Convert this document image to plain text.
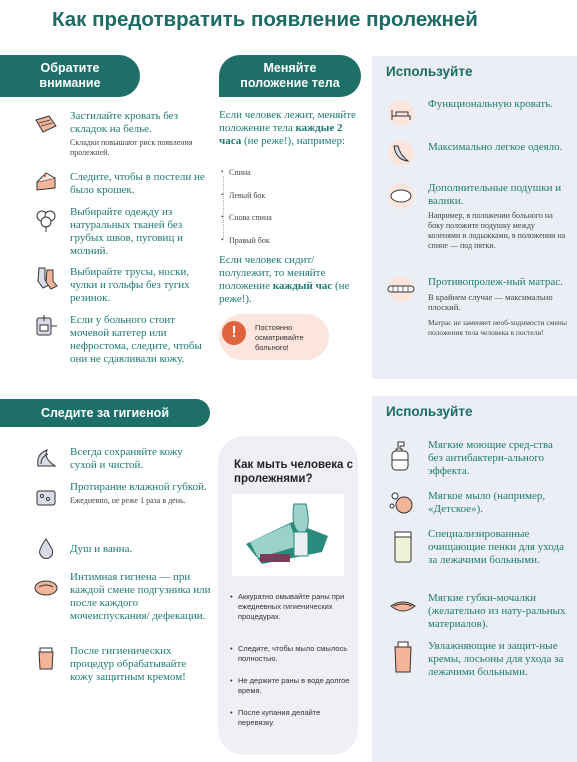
Как предотвратить появление пролежней
Обратите внимание
Застилайте кровать без складок на белье.
Складки повышают риск появления пролежней.
Следите, чтобы в постели не было крошек.
Выбирайте одежду из натуральных тканей без грубых швов, пуговиц и молний.
Выбирайте трусы, носки, чулки и гольфы без тугих резинок.
Если у больного стоит мочевой катетер или нефростома, следите, чтобы они не сдавливали кожу.
Меняйте положение тела
Если человек лежит, меняйте положение тела каждые 2 часа (не реже!), например:
• Спина
• Левый бок
• Снова спина
• Правый бок
Если человек сидит/ полулежит, то меняйте положение каждый час (не реже!).
!	Постоянно осматривайте больного!
Используйте
Функциональную кровать.
Максимально легкое одеяло.
Дополнительные подушки и валики.
Например, в положении больного на боку положите подушку между коленями и лодыжками, в положении на спине — под пятки.
Противопролеж-ный матрас.
В крайнем случае — максимально плоский.
Матрас не заменяет необ-ходимости смены положения тела человека в постели!
Следите за гигиеной
Всегда сохраняйте кожу сухой и чистой.
Протирание влажной губкой.
Ежедневно, не реже 1 раза в день.
Душ и ванна.
Интимная гигиена — при каждой смене подгузника или после каждого мочеиспускания/ дефекации.
После гигиенических процедур обрабатывайте кожу защитным кремом!
Как мыть человека с пролежнями?
• Аккуратно омывайте раны при ежедневных гигиенических процедурах.
• Следите, чтобы мыло смылось полностью.
• Не держите раны в воде долгое время.
• После купания делайте перевязку.
Используйте
Мягкие моющие сред-ства без антибактери-ального эффекта.
Мягкое мыло (например, «Детское»).
Специализированные очищающие пенки для ухода за лежачими больными.
Мягкие губки-мочалки (желательно из нату-ральных материалов).
Увлажняющие и защит-ные кремы, лосьоны для ухода за лежачими больными.
